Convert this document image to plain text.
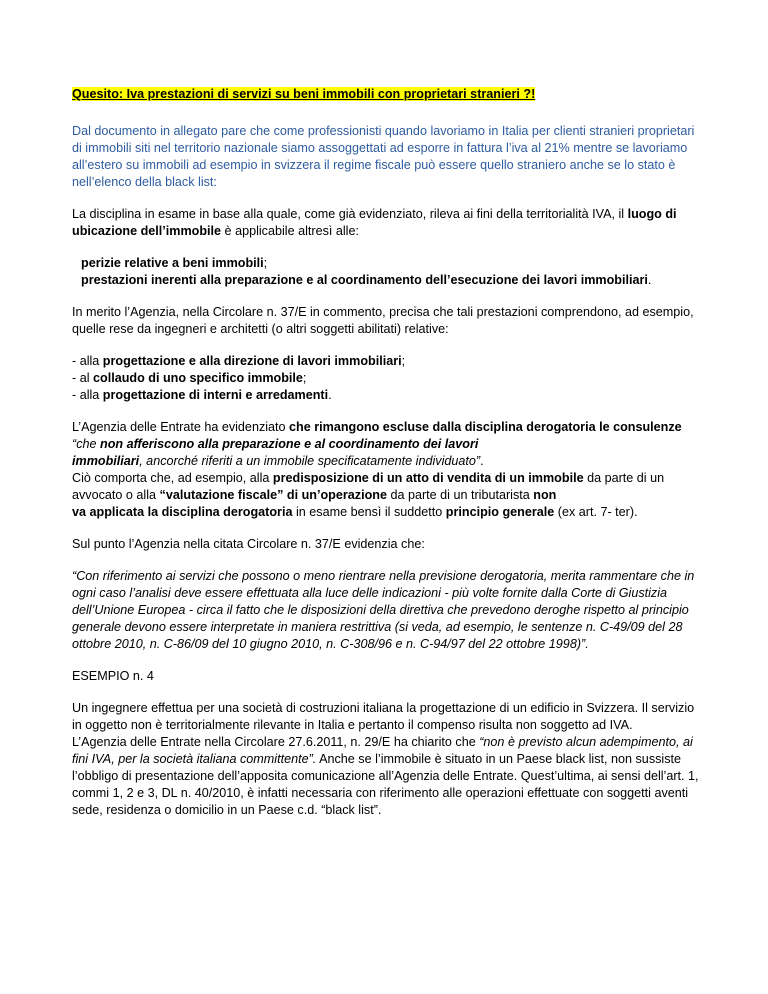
Quesito: Iva prestazioni di servizi su beni immobili con proprietari stranieri ?!

Dal documento in allegato pare che come professionisti quando lavoriamo in Italia per clienti stranieri proprietari di immobili siti nel territorio nazionale siamo assoggettati ad esporre in fattura l’iva al 21% mentre se lavoriamo all’estero su immobili ad esempio in svizzera il regime fiscale può essere quello straniero anche se lo stato è nell’elenco della black list:

La disciplina in esame in base alla quale, come già evidenziato, rileva ai fini della territorialità IVA, il luogo di ubicazione dell’immobile è applicabile altresì alle:

perizie relative a beni immobili;

prestazioni inerenti alla preparazione e al coordinamento dell’esecuzione dei lavori immobiliari.

In merito l’Agenzia, nella Circolare n. 37/E in commento, precisa che tali prestazioni comprendono, ad esempio, quelle rese da ingegneri e architetti (o altri soggetti abilitati) relative:

- alla progettazione e alla direzione di lavori immobiliari;

- al collaudo di uno specifico immobile;

- alla progettazione di interni e arredamenti.

L’Agenzia delle Entrate ha evidenziato che rimangono escluse dalla disciplina derogatoria le consulenze
“che non afferiscono alla preparazione e al coordinamento dei lavori
immobiliari, ancorché riferiti a un immobile specificatamente individuato”.

Ciò comporta che, ad esempio, alla predisposizione di un atto di vendita di un immobile da parte di un avvocato o alla “valutazione fiscale” di un’operazione da parte di un tributarista non
va applicata la disciplina derogatoria in esame bensì il suddetto principio generale (ex art. 7- ter).

Sul punto l’Agenzia nella citata Circolare n. 37/E evidenzia che:

“Con riferimento ai servizi che possono o meno rientrare nella previsione derogatoria, merita rammentare che in ogni caso l’analisi deve essere effettuata alla luce delle indicazioni - più volte fornite dalla Corte di Giustizia dell’Unione Europea - circa il fatto che le disposizioni della direttiva che prevedono deroghe rispetto al principio generale devono essere interpretate in maniera restrittiva (si veda, ad esempio, le sentenze n. C-49/09 del 28 ottobre 2010, n. C-86/09 del 10 giugno 2010, n. C-308/96 e n. C-94/97 del 22 ottobre 1998)”.

ESEMPIO n. 4

Un ingegnere effettua per una società di costruzioni italiana la progettazione di un edificio in Svizzera. Il servizio in oggetto non è territorialmente rilevante in Italia e pertanto il compenso risulta non soggetto ad IVA.

L’Agenzia delle Entrate nella Circolare 27.6.2011, n. 29/E ha chiarito che “non è previsto alcun adempimento, ai fini IVA, per la società italiana committente”. Anche se l’immobile è situato in un Paese black list, non sussiste l’obbligo di presentazione dell’apposita comunicazione all’Agenzia delle Entrate. Quest’ultima, ai sensi dell’art. 1, commi 1, 2 e 3, DL n. 40/2010, è infatti necessaria con riferimento alle operazioni effettuate con soggetti aventi sede, residenza o domicilio in un Paese c.d. “black list”.
